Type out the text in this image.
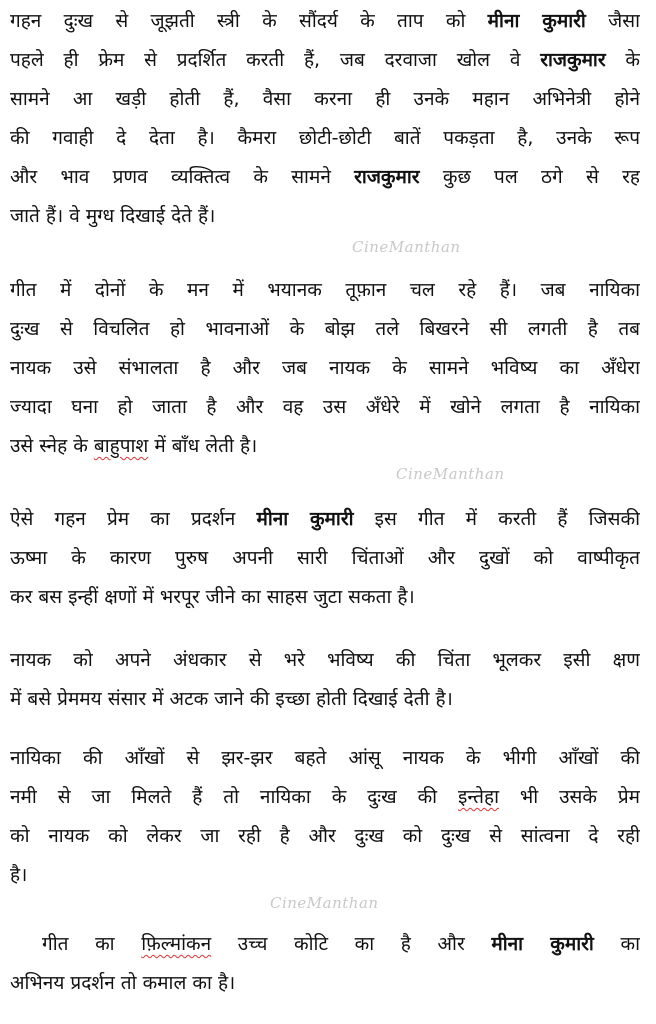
गहन दुःख से जूझती स्त्री के सौंदर्य के ताप को मीना कुमारी जैसा
पहले ही फ्रेम से प्रदर्शित करती हैं, जब दरवाजा खोल वे राजकुमार के
सामने आ खड़ी होती हैं, वैसा करना ही उनके महान अभिनेत्री होने
की गवाही दे देता है। कैमरा छोटी-छोटी बातें पकड़ता है, उनके रूप
और भाव प्रणव व्यक्तित्व के सामने राजकुमार कुछ पल ठगे से रह
जाते हैं। वे मुग्ध दिखाई देते हैं।
गीत में दोनों के मन में भयानक तूफ़ान चल रहे हैं। जब नायिका
दुःख से विचलित हो भावनाओं के बोझ तले बिखरने सी लगती है तब
नायक उसे संभालता है और जब नायक के सामने भविष्य का अँधेरा
ज्यादा घना हो जाता है और वह उस अँधेरे में खोने लगता है नायिका
उसे स्नेह के बाहुपाश में बाँध लेती है।
ऐसे गहन प्रेम का प्रदर्शन मीना कुमारी इस गीत में करती हैं जिसकी
ऊष्मा के कारण पुरुष अपनी सारी चिंताओं और दुखों को वाष्पीकृत
कर बस इन्हीं क्षणों में भरपूर जीने का साहस जुटा सकता है।
नायक को अपने अंधकार से भरे भविष्य की चिंता भूलकर इसी क्षण
में बसे प्रेममय संसार में अटक जाने की इच्छा होती दिखाई देती है।
नायिका की आँखों से झर-झर बहते आंसू नायक के भीगी आँखों की
नमी से जा मिलते हैं तो नायिका के दुःख की इन्तेहा भी उसके प्रेम
को नायक को लेकर जा रही है और दुःख को दुःख से सांत्वना दे रही
है।
गीत का फ़िल्मांकन उच्च कोटि का है और मीना कुमारी का
अभिनय प्रदर्शन तो कमाल का है।
CineManthan
CineManthan
CineManthan
